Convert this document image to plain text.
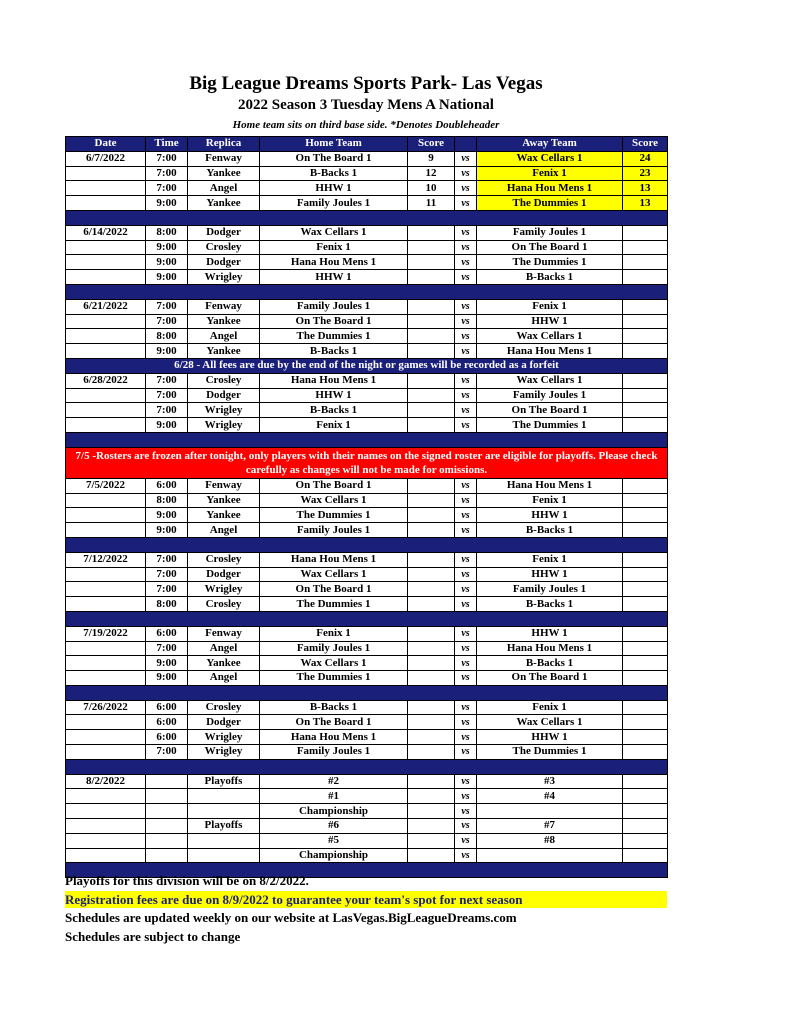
Big League Dreams Sports Park- Las Vegas
2022 Season 3 Tuesday Mens A National
Home team sits on third base side. *Denotes Doubleheader
Date	Time	Replica	Home Team	Score		Away Team	Score
6/7/2022	7:00	Fenway	On The Board 1	9	vs	Wax Cellars 1	24
	7:00	Yankee	B-Backs 1	12	vs	Fenix 1	23
	7:00	Angel	HHW 1	10	vs	Hana Hou Mens 1	13
	9:00	Yankee	Family Joules 1	11	vs	The Dummies 1	13

6/14/2022	8:00	Dodger	Wax Cellars 1		vs	Family Joules 1	
	9:00	Crosley	Fenix 1		vs	On The Board 1	
	9:00	Dodger	Hana Hou Mens 1		vs	The Dummies 1	
	9:00	Wrigley	HHW 1		vs	B-Backs 1	

6/21/2022	7:00	Fenway	Family Joules 1		vs	Fenix 1	
	7:00	Yankee	On The Board 1		vs	HHW 1	
	8:00	Angel	The Dummies 1		vs	Wax Cellars 1	
	9:00	Yankee	B-Backs 1		vs	Hana Hou Mens 1	
6/28 - All fees are due by the end of the night or games will be recorded as a forfeit							
6/28/2022	7:00	Crosley	Hana Hou Mens 1		vs	Wax Cellars 1	
	7:00	Dodger	HHW 1		vs	Family Joules 1	
	7:00	Wrigley	B-Backs 1		vs	On The Board 1	
	9:00	Wrigley	Fenix 1		vs	The Dummies 1	

7/5 -Rosters are frozen after tonight, only players with their names on the signed roster are eligible for playoffs. Please check carefully as changes will not be made for omissions.							
7/5/2022	6:00	Fenway	On The Board 1		vs	Hana Hou Mens 1	
	8:00	Yankee	Wax Cellars 1		vs	Fenix 1	
	9:00	Yankee	The Dummies 1		vs	HHW 1	
	9:00	Angel	Family Joules 1		vs	B-Backs 1	

7/12/2022	7:00	Crosley	Hana Hou Mens 1		vs	Fenix 1	
	7:00	Dodger	Wax Cellars 1		vs	HHW 1	
	7:00	Wrigley	On The Board 1		vs	Family Joules 1	
	8:00	Crosley	The Dummies 1		vs	B-Backs 1	

7/19/2022	6:00	Fenway	Fenix 1		vs	HHW 1	
	7:00	Angel	Family Joules 1		vs	Hana Hou Mens 1	
	9:00	Yankee	Wax Cellars 1		vs	B-Backs 1	
	9:00	Angel	The Dummies 1		vs	On The Board 1	

7/26/2022	6:00	Crosley	B-Backs 1		vs	Fenix 1	
	6:00	Dodger	On The Board 1		vs	Wax Cellars 1	
	6:00	Wrigley	Hana Hou Mens 1		vs	HHW 1	
	7:00	Wrigley	Family Joules 1		vs	The Dummies 1	

8/2/2022		Playoffs	#2		vs	#3	
			#1		vs	#4	
			Championship		vs		
		Playoffs	#6		vs	#7	
			#5		vs	#8	
			Championship		vs		

Playoffs for this division will be on 8/2/2022.
Registration fees are due on 8/9/2022 to guarantee your team's spot for next season
Schedules are updated weekly on our website at LasVegas.BigLeagueDreams.com
Schedules are subject to change
